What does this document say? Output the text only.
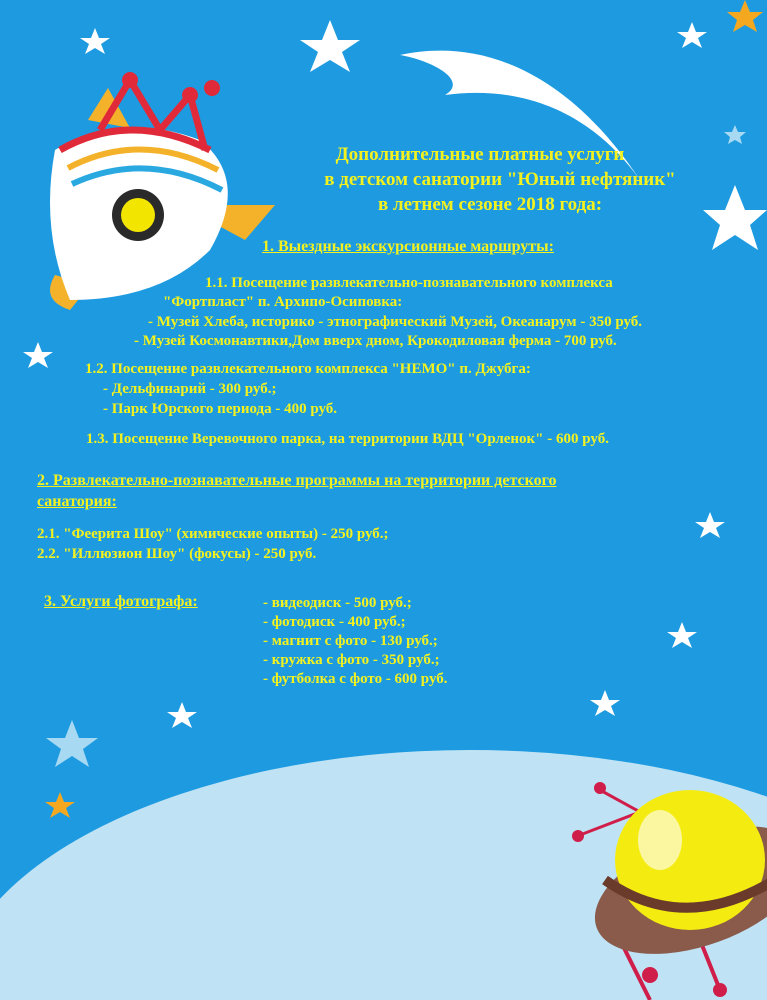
Дополнительные платные услуги
в детском санатории "Юный нефтяник"
в летнем сезоне 2018 года:
1. Выездные экскурсионные маршруты:
1.1. Посещение развлекательно-познавательного комплекса
"Фортпласт" п. Архипо-Осиповка:
- Музей Хлеба, историко - этнографический Музей, Океанарум - 350 руб.
- Музей Космонавтики,Дом вверх дном, Крокодиловая ферма - 700 руб.
1.2. Посещение развлекательного комплекса "НЕМО" п. Джубга:
- Дельфинарий - 300 руб.;
- Парк Юрского периода - 400 руб.
1.3. Посещение Веревочного парка, на территории ВДЦ "Орленок" - 600 руб.
2. Развлекательно-познавательные программы на территории детского
санатория:
2.1. "Феерита Шоу" (химические опыты) - 250 руб.;
2.2. "Иллюзион Шоу" (фокусы) - 250 руб.
3. Услуги фотографа:	- видеодиск - 500 руб.;
- фотодиск - 400 руб.;
- магнит с фото - 130 руб.;
- кружка с фото - 350 руб.;
- футболка с фото - 600 руб.
